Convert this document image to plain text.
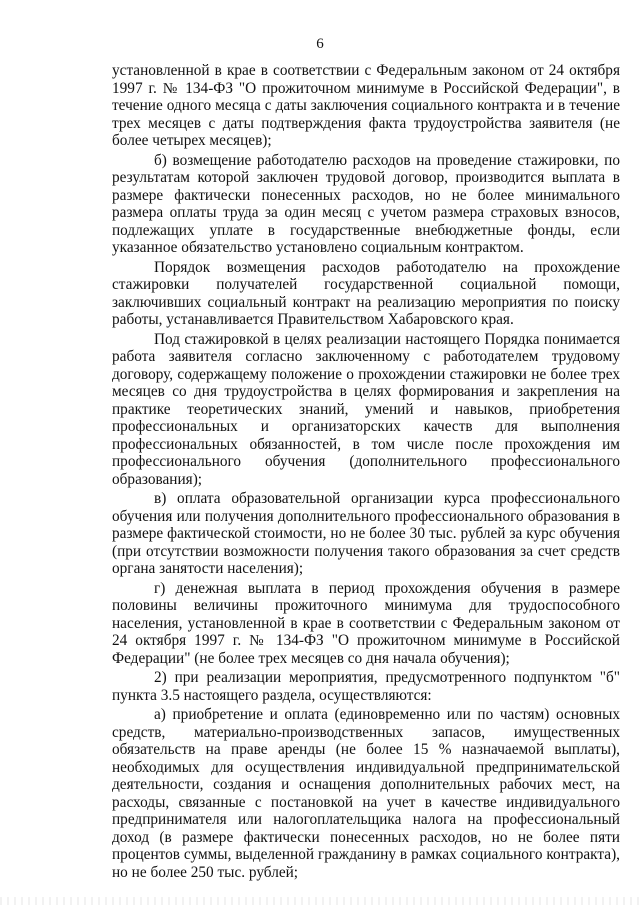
6

установленной в крае в соответствии с Федеральным законом от 24 октября 1997 г. № 134-ФЗ "О прожиточном минимуме в Российской Федерации", в течение одного месяца с даты заключения социального контракта и в течение трех месяцев с даты подтверждения факта трудоустройства заявителя (не более четырех месяцев);

б) возмещение работодателю расходов на проведение стажировки, по результатам которой заключен трудовой договор, производится выплата в размере фактически понесенных расходов, но не более минимального размера оплаты труда за один месяц с учетом размера страховых взносов, подлежащих уплате в государственные внебюджетные фонды, если указанное обязательство установлено социальным контрактом.

Порядок возмещения расходов работодателю на прохождение стажировки получателей государственной социальной помощи, заключивших социальный контракт на реализацию мероприятия по поиску работы, устанавливается Правительством Хабаровского края.

Под стажировкой в целях реализации настоящего Порядка понимается работа заявителя согласно заключенному с работодателем трудовому договору, содержащему положение о прохождении стажировки не более трех месяцев со дня трудоустройства в целях формирования и закрепления на практике теоретических знаний, умений и навыков, приобретения профессиональных и организаторских качеств для выполнения профессиональных обязанностей, в том числе после прохождения им профессионального обучения (дополнительного профессионального образования);

в) оплата образовательной организации курса профессионального обучения или получения дополнительного профессионального образования в размере фактической стоимости, но не более 30 тыс. рублей за курс обучения (при отсутствии возможности получения такого образования за счет средств органа занятости населения);

г) денежная выплата в период прохождения обучения в размере половины величины прожиточного минимума для трудоспособного населения, установленной в крае в соответствии с Федеральным законом от 24 октября 1997 г. № 134-ФЗ "О прожиточном минимуме в Российской Федерации" (не более трех месяцев со дня начала обучения);

2) при реализации мероприятия, предусмотренного подпунктом "б" пункта 3.5 настоящего раздела, осуществляются:

а) приобретение и оплата (единовременно или по частям) основных средств, материально-производственных запасов, имущественных обязательств на праве аренды (не более 15 % назначаемой выплаты), необходимых для осуществления индивидуальной предпринимательской деятельности, создания и оснащения дополнительных рабочих мест, на расходы, связанные с постановкой на учет в качестве индивидуального предпринимателя или налогоплательщика налога на профессиональный доход (в размере фактически понесенных расходов, но не более пяти процентов суммы, выделенной гражданину в рамках социального контракта), но не более 250 тыс. рублей;
